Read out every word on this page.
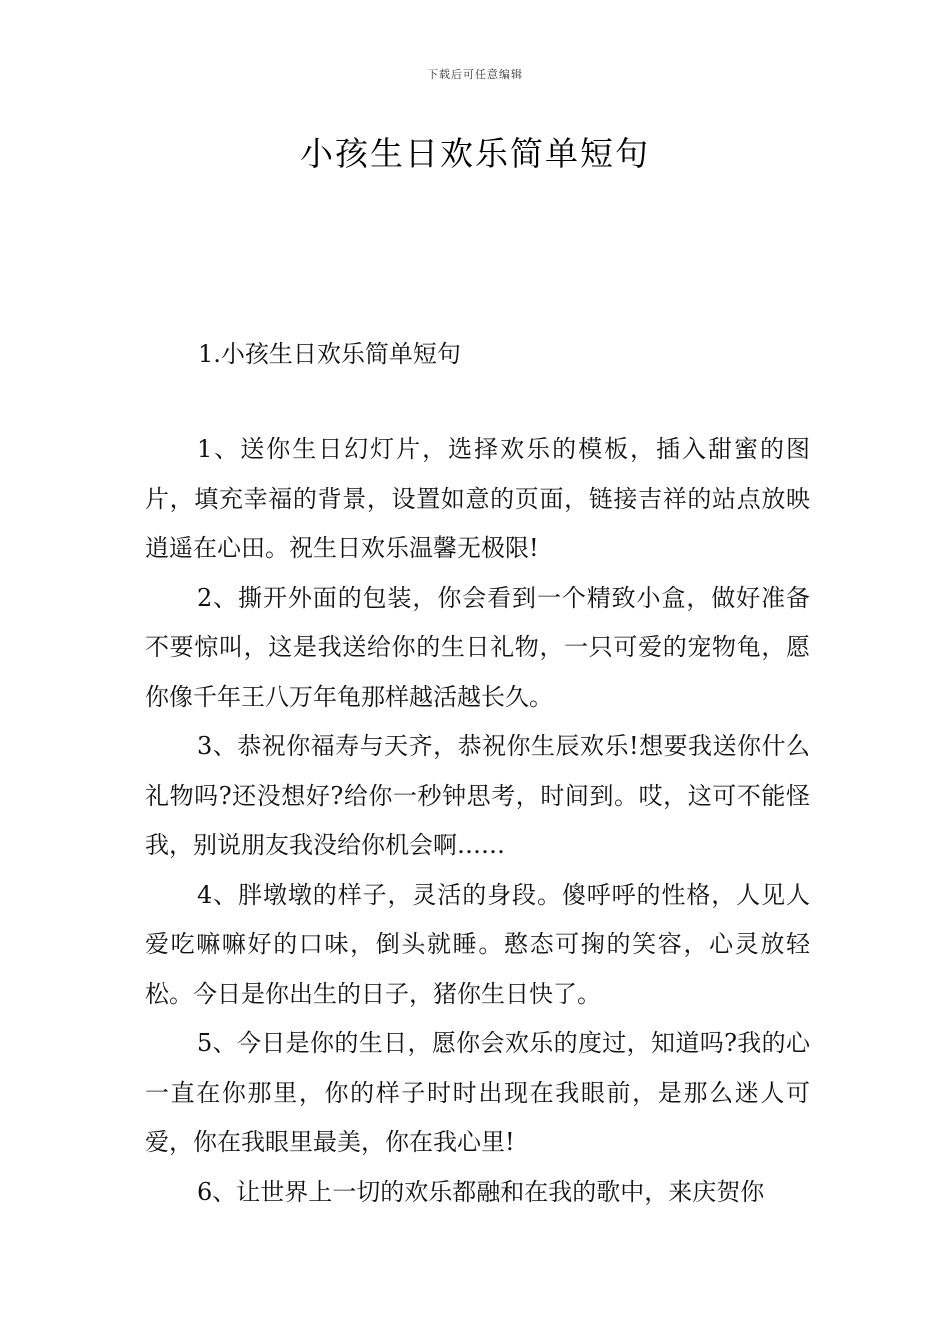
下载后可任意编辑
小孩生日欢乐简单短句
1.小孩生日欢乐简单短句

1、送你生日幻灯片，选择欢乐的模板，插入甜蜜的图片，填充幸福的背景，设置如意的页面，链接吉祥的站点放映逍遥在心田。祝生日欢乐温馨无极限!

2、撕开外面的包装，你会看到一个精致小盒，做好准备不要惊叫，这是我送给你的生日礼物，一只可爱的宠物龟，愿你像千年王八万年龟那样越活越长久。

3、恭祝你福寿与天齐，恭祝你生辰欢乐!想要我送你什么礼物吗?还没想好?给你一秒钟思考，时间到。哎，这可不能怪我，别说朋友我没给你机会啊……

4、胖墩墩的样子，灵活的身段。傻呼呼的性格，人见人爱吃嘛嘛好的口味，倒头就睡。憨态可掬的笑容，心灵放轻松。今日是你出生的日子，猪你生日快了。

5、今日是你的生日，愿你会欢乐的度过，知道吗?我的心一直在你那里，你的样子时时出现在我眼前，是那么迷人可爱，你在我眼里最美，你在我心里!

6、让世界上一切的欢乐都融和在我的歌中，来庆贺你
